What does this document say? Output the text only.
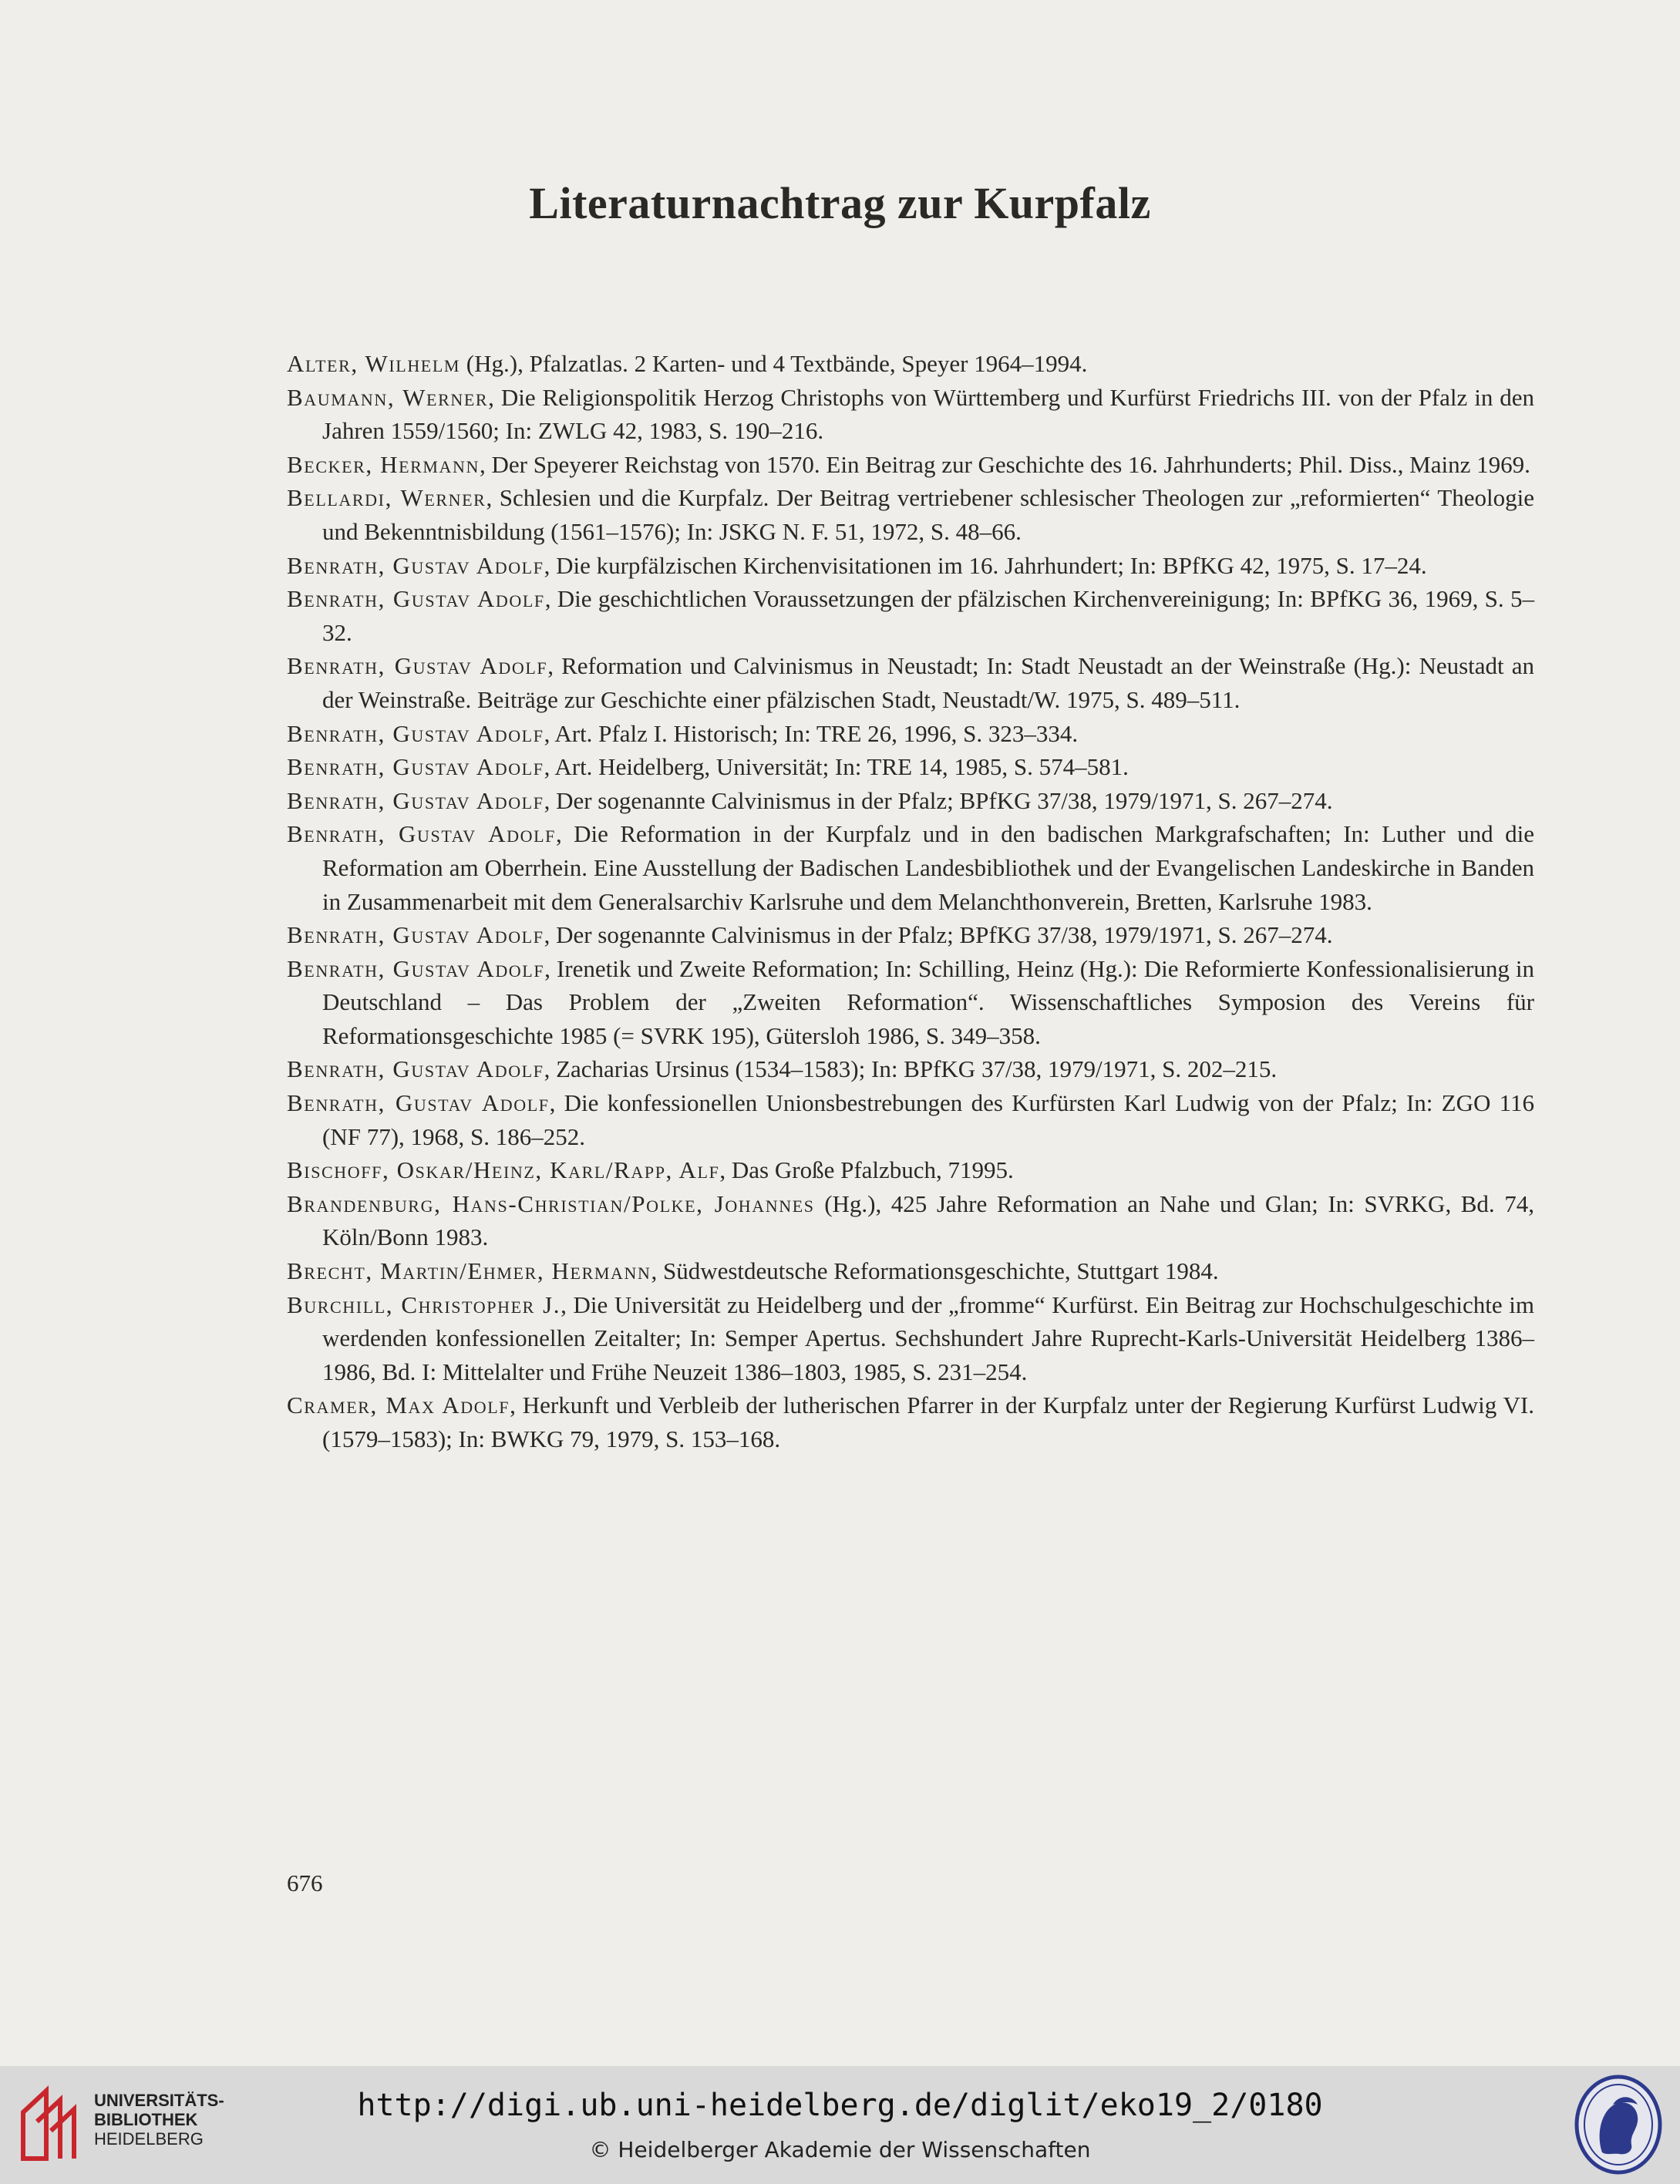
Literaturnachtrag zur Kurpfalz

Alter, Wilhelm (Hg.), Pfalzatlas. 2 Karten- und 4 Textbände, Speyer 1964–1994.

Baumann, Werner, Die Religionspolitik Herzog Christophs von Württemberg und Kurfürst Friedrichs III. von der Pfalz in den Jahren 1559/1560; In: ZWLG 42, 1983, S. 190–216.

Becker, Hermann, Der Speyerer Reichstag von 1570. Ein Beitrag zur Geschichte des 16. Jahrhunderts; Phil. Diss., Mainz 1969.

Bellardi, Werner, Schlesien und die Kurpfalz. Der Beitrag vertriebener schlesischer Theologen zur „reformierten“ Theologie und Bekenntnisbildung (1561–1576); In: JSKG N. F. 51, 1972, S. 48–66.

Benrath, Gustav Adolf, Die kurpfälzischen Kirchenvisitationen im 16. Jahrhundert; In: BPfKG 42, 1975, S. 17–24.

Benrath, Gustav Adolf, Die geschichtlichen Voraussetzungen der pfälzischen Kirchenvereinigung; In: BPfKG 36, 1969, S. 5–32.

Benrath, Gustav Adolf, Reformation und Calvinismus in Neustadt; In: Stadt Neustadt an der Weinstraße (Hg.): Neustadt an der Weinstraße. Beiträge zur Geschichte einer pfälzischen Stadt, Neustadt/W. 1975, S. 489–511.

Benrath, Gustav Adolf, Art. Pfalz I. Historisch; In: TRE 26, 1996, S. 323–334.

Benrath, Gustav Adolf, Art. Heidelberg, Universität; In: TRE 14, 1985, S. 574–581.

Benrath, Gustav Adolf, Der sogenannte Calvinismus in der Pfalz; BPfKG 37/38, 1979/1971, S. 267–274.

Benrath, Gustav Adolf, Die Reformation in der Kurpfalz und in den badischen Markgrafschaften; In: Luther und die Reformation am Oberrhein. Eine Ausstellung der Badischen Landesbibliothek und der Evangelischen Landeskirche in Banden in Zusammenarbeit mit dem Generalsarchiv Karlsruhe und dem Melanchthonverein, Bretten, Karlsruhe 1983.

Benrath, Gustav Adolf, Der sogenannte Calvinismus in der Pfalz; BPfKG 37/38, 1979/1971, S. 267–274.

Benrath, Gustav Adolf, Irenetik und Zweite Reformation; In: Schilling, Heinz (Hg.): Die Reformierte Konfessionalisierung in Deutschland – Das Problem der „Zweiten Reformation“. Wissenschaftliches Symposion des Vereins für Reformationsgeschichte 1985 (= SVRK 195), Gütersloh 1986, S. 349–358.

Benrath, Gustav Adolf, Zacharias Ursinus (1534–1583); In: BPfKG 37/38, 1979/1971, S. 202–215.

Benrath, Gustav Adolf, Die konfessionellen Unionsbestrebungen des Kurfürsten Karl Ludwig von der Pfalz; In: ZGO 116 (NF 77), 1968, S. 186–252.

Bischoff, Oskar/Heinz, Karl/Rapp, Alf, Das Große Pfalzbuch, 71995.

Brandenburg, Hans-Christian/Polke, Johannes (Hg.), 425 Jahre Reformation an Nahe und Glan; In: SVRKG, Bd. 74, Köln/Bonn 1983.

Brecht, Martin/Ehmer, Hermann, Südwestdeutsche Reformationsgeschichte, Stuttgart 1984.

Burchill, Christopher J., Die Universität zu Heidelberg und der „fromme“ Kurfürst. Ein Beitrag zur Hochschulgeschichte im werdenden konfessionellen Zeitalter; In: Semper Apertus. Sechshundert Jahre Ruprecht-Karls-Universität Heidelberg 1386–1986, Bd. I: Mittelalter und Frühe Neuzeit 1386–1803, 1985, S. 231–254.

Cramer, Max Adolf, Herkunft und Verbleib der lutherischen Pfarrer in der Kurpfalz unter der Regierung Kurfürst Ludwig VI. (1579–1583); In: BWKG 79, 1979, S. 153–168.

676
UNIVERSITÄTS-
BIBLIOTHEK
HEIDELBERG
http://digi.ub.uni-heidelberg.de/diglit/eko19_2/0180
© Heidelberger Akademie der Wissenschaften
